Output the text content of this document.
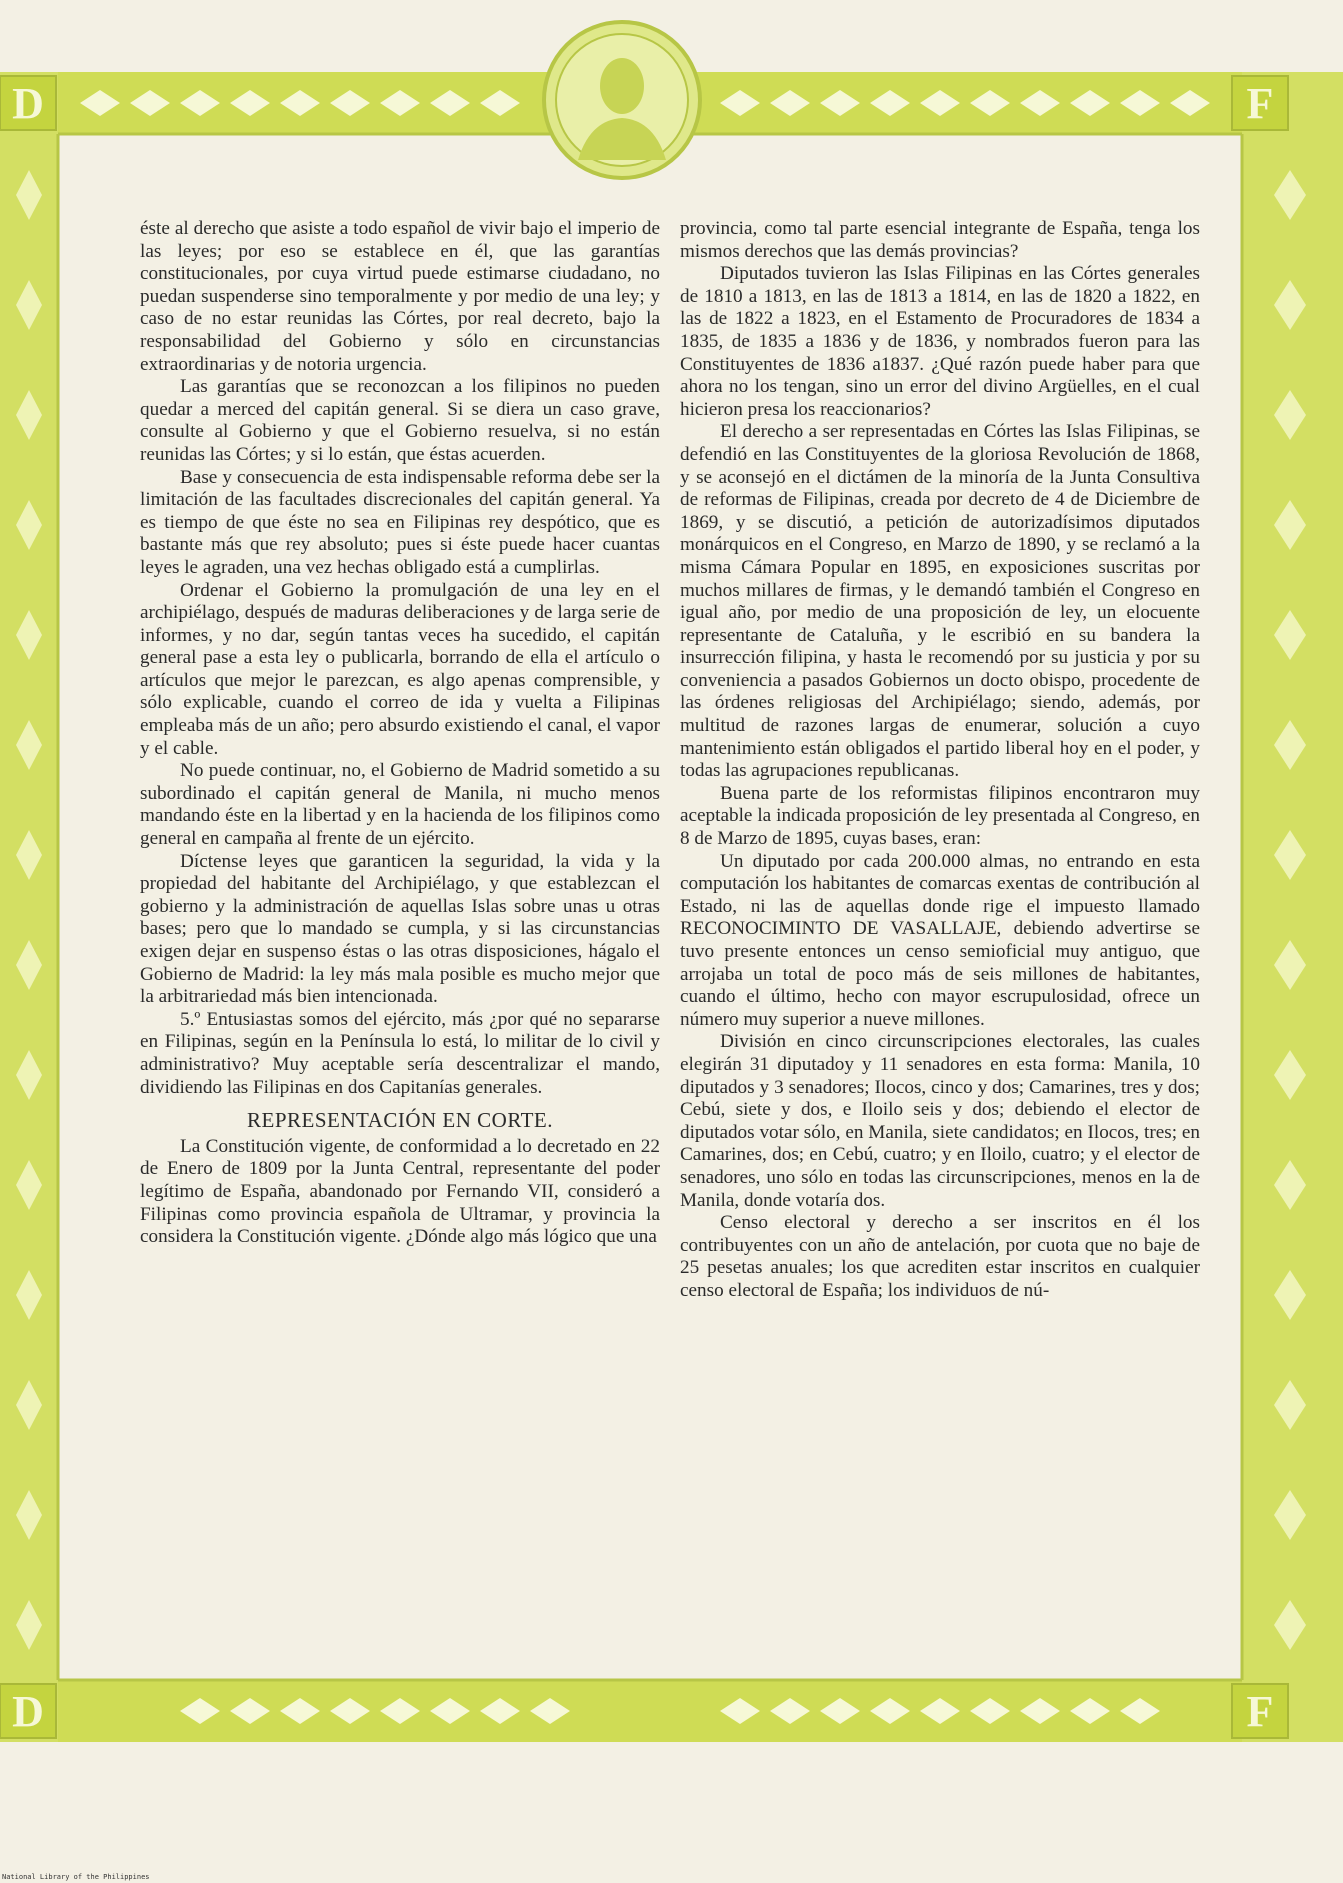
D	F
D	F

éste al derecho que asiste a todo español de vivir bajo el imperio de las leyes; por eso se establece en él, que las garantías constitucionales, por cuya virtud puede estimarse ciudadano, no puedan suspenderse sino temporalmente y por medio de una ley; y caso de no estar reunidas las Córtes, por real decreto, bajo la responsabilidad del Gobierno y sólo en circunstancias extraordinarias y de notoria urgencia.

Las garantías que se reconozcan a los filipinos no pueden quedar a merced del capitán general. Si se diera un caso grave, consulte al Gobierno y que el Gobierno resuelva, si no están reunidas las Córtes; y si lo están, que éstas acuerden.

Base y consecuencia de esta indispensable reforma debe ser la limitación de las facultades discrecionales del capitán general. Ya es tiempo de que éste no sea en Filipinas rey despótico, que es bastante más que rey absoluto; pues si éste puede hacer cuantas leyes le agraden, una vez hechas obligado está a cumplirlas.

Ordenar el Gobierno la promulgación de una ley en el archipiélago, después de maduras deliberaciones y de larga serie de informes, y no dar, según tantas veces ha sucedido, el capitán general pase a esta ley o publicarla, borrando de ella el artículo o artículos que mejor le parezcan, es algo apenas comprensible, y sólo explicable, cuando el correo de ida y vuelta a Filipinas empleaba más de un año; pero absurdo existiendo el canal, el vapor y el cable.

No puede continuar, no, el Gobierno de Madrid sometido a su subordinado el capitán general de Manila, ni mucho menos mandando éste en la libertad y en la hacienda de los filipinos como general en campaña al frente de un ejército.

Díctense leyes que garanticen la seguridad, la vida y la propiedad del habitante del Archipiélago, y que establezcan el gobierno y la administración de aquellas Islas sobre unas u otras bases; pero que lo mandado se cumpla, y si las circunstancias exigen dejar en suspenso éstas o las otras disposiciones, hágalo el Gobierno de Madrid: la ley más mala posible es mucho mejor que la arbitrariedad más bien intencionada.

5.º Entusiastas somos del ejército, más ¿por qué no separarse en Filipinas, según en la Península lo está, lo militar de lo civil y administrativo? Muy aceptable sería descentralizar el mando, dividiendo las Filipinas en dos Capitanías generales.

REPRESENTACIÓN EN CORTE.

La Constitución vigente, de conformidad a lo decretado en 22 de Enero de 1809 por la Junta Central, representante del poder legítimo de España, abandonado por Fernando VII, consideró a Filipinas como provincia española de Ultramar, y provincia la considera la Constitución vigente. ¿Dónde algo más lógico que una

provincia, como tal parte esencial integrante de España, tenga los mismos derechos que las demás provincias?

Diputados tuvieron las Islas Filipinas en las Córtes generales de 1810 a 1813, en las de 1813 a 1814, en las de 1820 a 1822, en las de 1822 a 1823, en el Estamento de Procuradores de 1834 a 1835, de 1835 a 1836 y de 1836, y nombrados fueron para las Constituyentes de 1836 a1837. ¿Qué razón puede haber para que ahora no los tengan, sino un error del divino Argüelles, en el cual hicieron presa los reaccionarios?

El derecho a ser representadas en Córtes las Islas Filipinas, se defendió en las Constituyentes de la gloriosa Revolución de 1868, y se aconsejó en el dictámen de la minoría de la Junta Consultiva de reformas de Filipinas, creada por decreto de 4 de Diciembre de 1869, y se discutió, a petición de autorizadísimos diputados monárquicos en el Congreso, en Marzo de 1890, y se reclamó a la misma Cámara Popular en 1895, en exposiciones suscritas por muchos millares de firmas, y le demandó también el Congreso en igual año, por medio de una proposición de ley, un elocuente representante de Cataluña, y le escribió en su bandera la insurrección filipina, y hasta le recomendó por su justicia y por su conveniencia a pasados Gobiernos un docto obispo, procedente de las órdenes religiosas del Archipiélago; siendo, además, por multitud de razones largas de enumerar, solución a cuyo mantenimiento están obligados el partido liberal hoy en el poder, y todas las agrupaciones republicanas.

Buena parte de los reformistas filipinos encontraron muy aceptable la indicada proposición de ley presentada al Congreso, en 8 de Marzo de 1895, cuyas bases, eran:

Un diputado por cada 200.000 almas, no entrando en esta computación los habitantes de comarcas exentas de contribución al Estado, ni las de aquellas donde rige el impuesto llamado RECONOCIMINTO DE VASALLAJE, debiendo advertirse se tuvo presente entonces un censo semioficial muy antiguo, que arrojaba un total de poco más de seis millones de habitantes, cuando el último, hecho con mayor escrupulosidad, ofrece un número muy superior a nueve millones.

División en cinco circunscripciones electorales, las cuales elegirán 31 diputadoy y 11 senadores en esta forma: Manila, 10 diputados y 3 senadores; Ilocos, cinco y dos; Camarines, tres y dos; Cebú, siete y dos, e Iloilo seis y dos; debiendo el elector de diputados votar sólo, en Manila, siete candidatos; en Ilocos, tres; en Camarines, dos; en Cebú, cuatro; y en Iloilo, cuatro; y el elector de senadores, uno sólo en todas las circunscripciones, menos en la de Manila, donde votaría dos.

Censo electoral y derecho a ser inscritos en él los contribuyentes con un año de antelación, por cuota que no baje de 25 pesetas anuales; los que acrediten estar inscritos en cualquier censo electoral de España; los individuos de nú-

National Library of the Philippines
